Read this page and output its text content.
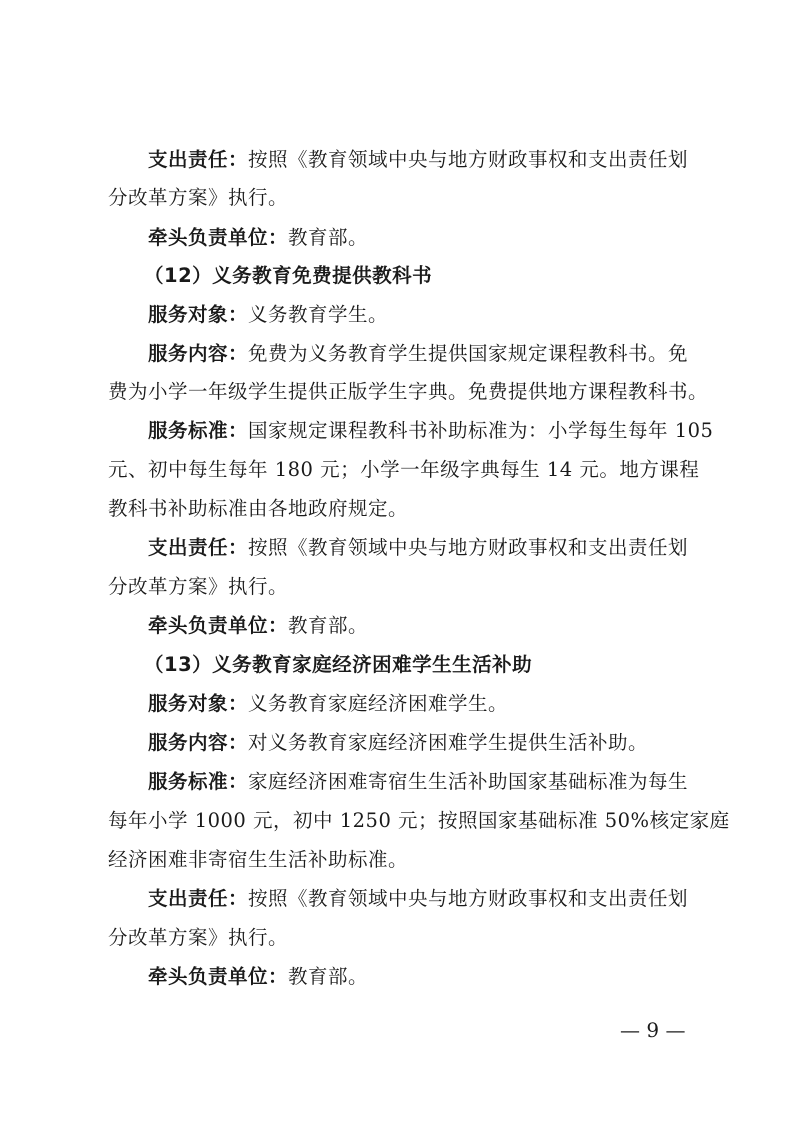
支出责任：按照《教育领域中央与地方财政事权和支出责任划
分改革方案》执行。
牵头负责单位：教育部。
（12）义务教育免费提供教科书
服务对象：义务教育学生。
服务内容：免费为义务教育学生提供国家规定课程教科书。免
费为小学一年级学生提供正版学生字典。免费提供地方课程教科书。
服务标准：国家规定课程教科书补助标准为：小学每生每年 105
元、初中每生每年 180 元；小学一年级字典每生 14 元。地方课程
教科书补助标准由各地政府规定。
支出责任：按照《教育领域中央与地方财政事权和支出责任划
分改革方案》执行。
牵头负责单位：教育部。
（13）义务教育家庭经济困难学生生活补助
服务对象：义务教育家庭经济困难学生。
服务内容：对义务教育家庭经济困难学生提供生活补助。
服务标准：家庭经济困难寄宿生生活补助国家基础标准为每生
每年小学 1000 元，初中 1250 元；按照国家基础标准 50%核定家庭
经济困难非寄宿生生活补助标准。
支出责任：按照《教育领域中央与地方财政事权和支出责任划
分改革方案》执行。
牵头负责单位：教育部。
— 9 —
